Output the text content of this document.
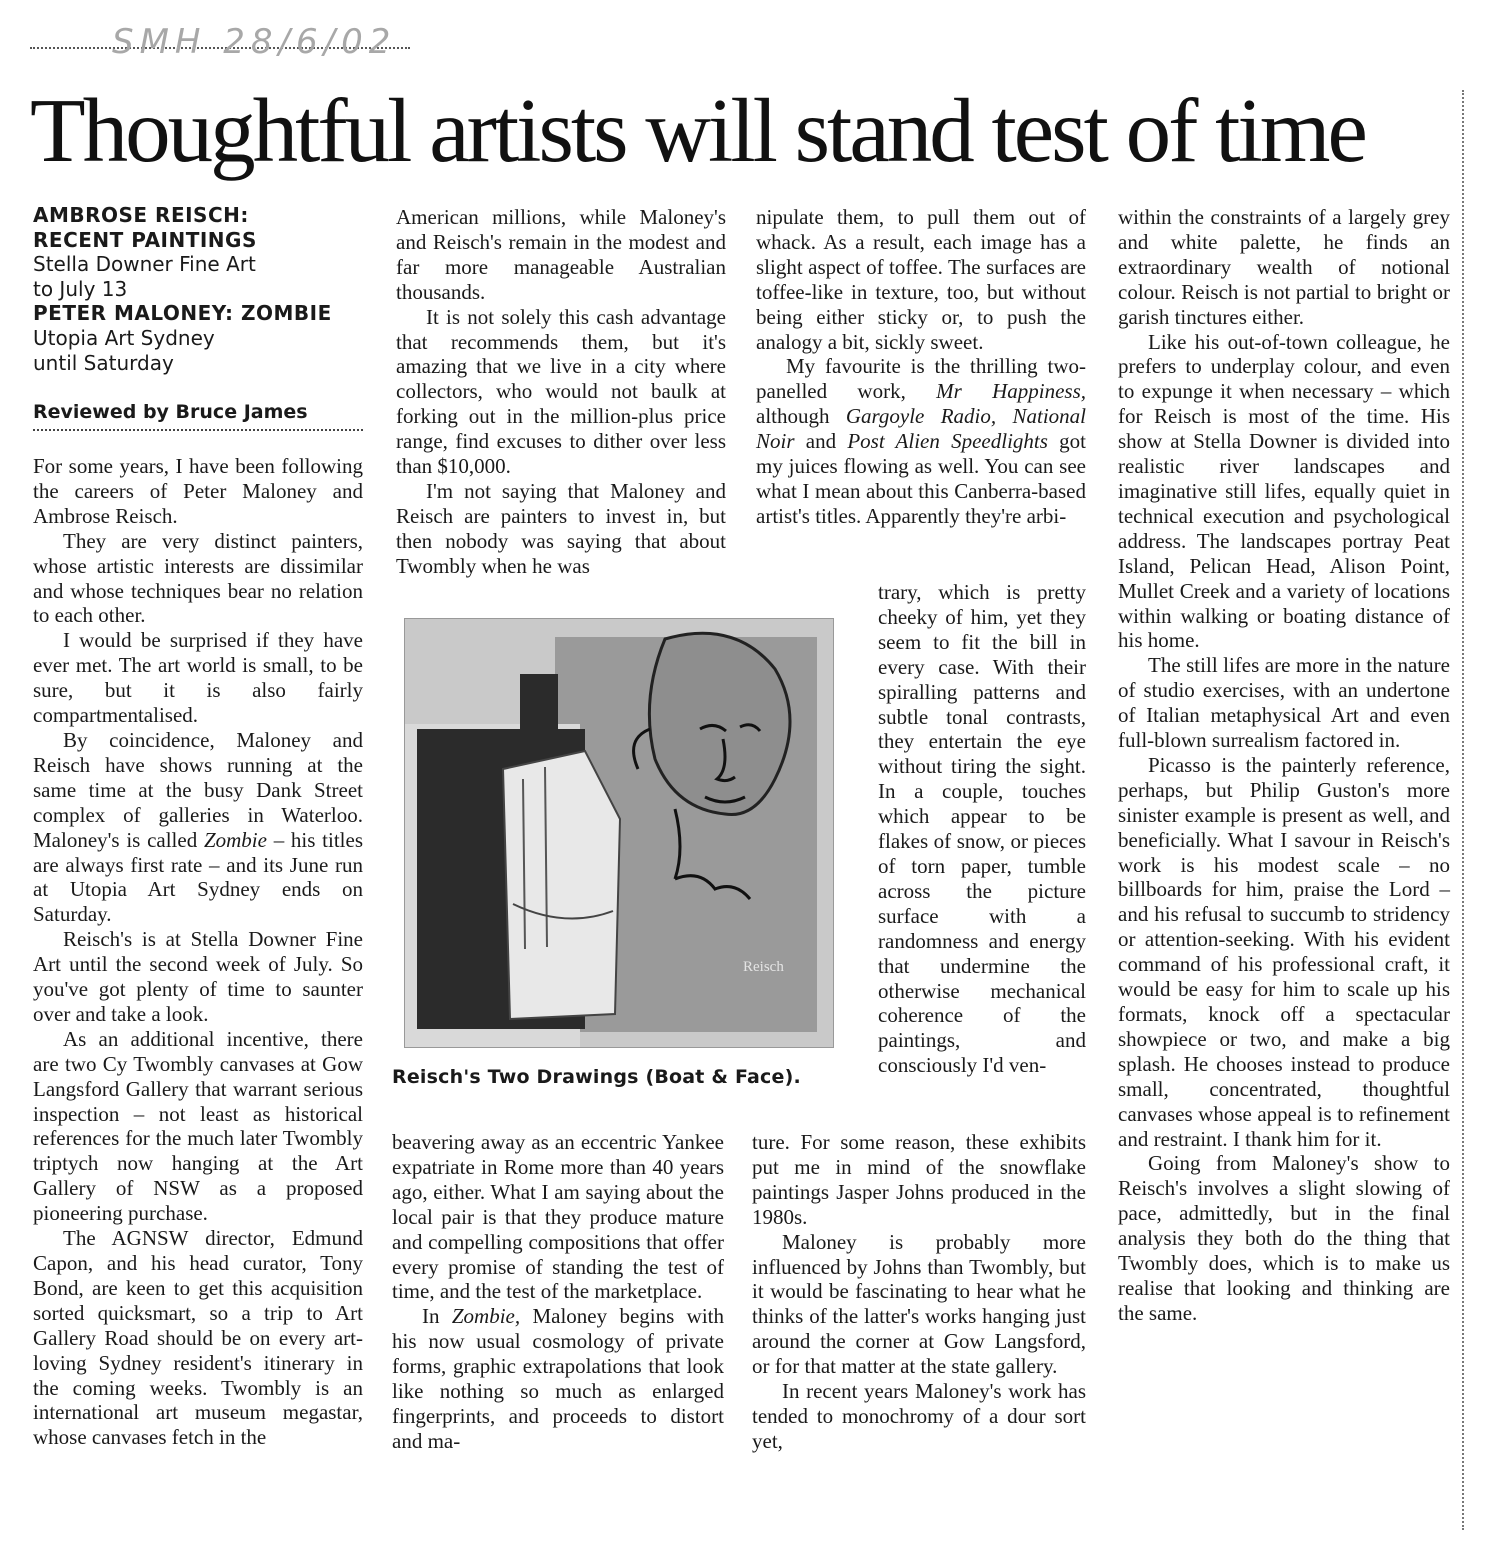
SMH 28/6/02
Thoughtful artists will stand test of time
AMBROSE REISCH:
RECENT PAINTINGS
Stella Downer Fine Art
to July 13
PETER MALONEY: ZOMBIE
Utopia Art Sydney
until Saturday
Reviewed by Bruce James

For some years, I have been following the careers of Peter Maloney and Ambrose Reisch.

They are very distinct painters, whose artistic interests are dissimilar and whose techniques bear no relation to each other.

I would be surprised if they have ever met. The art world is small, to be sure, but it is also fairly compartmentalised.

By coincidence, Maloney and Reisch have shows running at the same time at the busy Dank Street complex of galleries in Waterloo. Maloney's is called Zombie – his titles are always first rate – and its June run at Utopia Art Sydney ends on Saturday.

Reisch's is at Stella Downer Fine Art until the second week of July. So you've got plenty of time to saunter over and take a look.

As an additional incentive, there are two Cy Twombly canvases at Gow Langsford Gallery that warrant serious inspection – not least as historical references for the much later Twombly triptych now hanging at the Art Gallery of NSW as a proposed pioneering purchase.

The AGNSW director, Edmund Capon, and his head curator, Tony Bond, are keen to get this acquisition sorted quicksmart, so a trip to Art Gallery Road should be on every art-loving Sydney resident's itinerary in the coming weeks. Twombly is an international art museum megastar, whose canvases fetch in the

American millions, while Maloney's and Reisch's remain in the modest and far more manageable Australian thousands.

It is not solely this cash advantage that recommends them, but it's amazing that we live in a city where collectors, who would not baulk at forking out in the million-plus price range, find excuses to dither over less than $10,000.

I'm not saying that Maloney and Reisch are painters to invest in, but then nobody was saying that about Twombly when he was

Reisch
Reisch's Two Drawings (Boat & Face).

beavering away as an eccentric Yankee expatriate in Rome more than 40 years ago, either. What I am saying about the local pair is that they produce mature and compelling compositions that offer every promise of standing the test of time, and the test of the marketplace.

In Zombie, Maloney begins with his now usual cosmology of private forms, graphic extrapolations that look like nothing so much as enlarged fingerprints, and proceeds to distort and ma-

nipulate them, to pull them out of whack. As a result, each image has a slight aspect of toffee. The surfaces are toffee-like in texture, too, but without being either sticky or, to push the analogy a bit, sickly sweet.

My favourite is the thrilling two-panelled work, Mr Happiness, although Gargoyle Radio, National Noir and Post Alien Speedlights got my juices flowing as well. You can see what I mean about this Canberra-based artist's titles. Apparently they're arbi-

trary, which is pretty cheeky of him, yet they seem to fit the bill in every case. With their spiralling patterns and subtle tonal contrasts, they entertain the eye without tiring the sight. In a couple, touches which appear to be flakes of snow, or pieces of torn paper, tumble across the picture surface with a randomness and energy that undermine the otherwise mechanical coherence of the paintings, and consciously I'd ven-

ture. For some reason, these exhibits put me in mind of the snowflake paintings Jasper Johns produced in the 1980s.

Maloney is probably more influenced by Johns than Twombly, but it would be fascinating to hear what he thinks of the latter's works hanging just around the corner at Gow Langsford, or for that matter at the state gallery.

In recent years Maloney's work has tended to monochromy of a dour sort yet,

within the constraints of a largely grey and white palette, he finds an extraordinary wealth of notional colour. Reisch is not partial to bright or garish tinctures either.

Like his out-of-town colleague, he prefers to underplay colour, and even to expunge it when necessary – which for Reisch is most of the time. His show at Stella Downer is divided into realistic river landscapes and imaginative still lifes, equally quiet in technical execution and psychological address. The landscapes portray Peat Island, Pelican Head, Alison Point, Mullet Creek and a variety of locations within walking or boating distance of his home.

The still lifes are more in the nature of studio exercises, with an undertone of Italian metaphysical Art and even full-blown surrealism factored in.

Picasso is the painterly reference, perhaps, but Philip Guston's more sinister example is present as well, and beneficially. What I savour in Reisch's work is his modest scale – no billboards for him, praise the Lord – and his refusal to succumb to stridency or attention-seeking. With his evident command of his professional craft, it would be easy for him to scale up his formats, knock off a spectacular showpiece or two, and make a big splash. He chooses instead to produce small, concentrated, thoughtful canvases whose appeal is to refinement and restraint. I thank him for it.

Going from Maloney's show to Reisch's involves a slight slowing of pace, admittedly, but in the final analysis they both do the thing that Twombly does, which is to make us realise that looking and thinking are the same.
